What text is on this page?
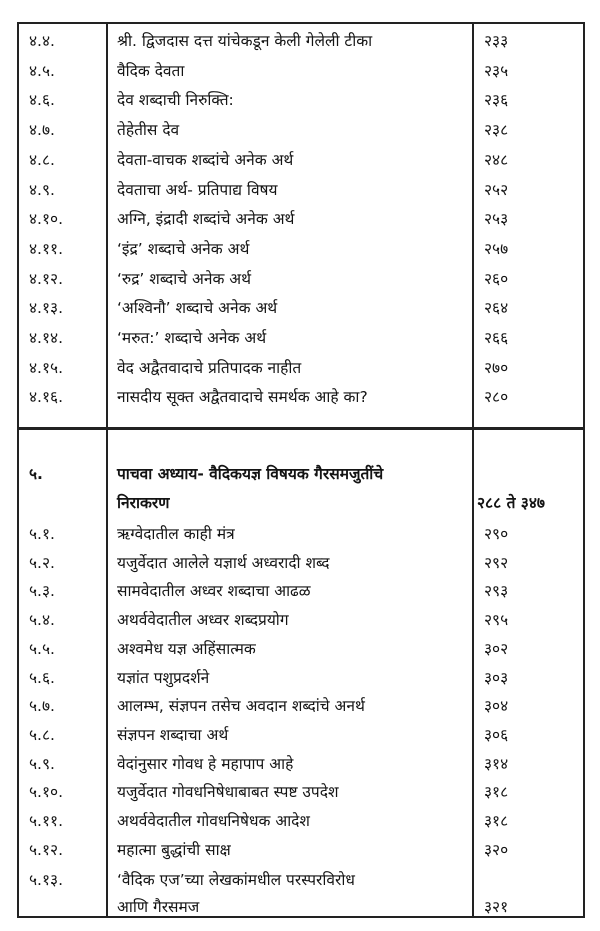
४.४.	श्री. द्विजदास दत्त यांचेकडून केली गेलेली टीका	२३३
४.५.	वैदिक देवता	२३५
४.६.	देव शब्दाची निरुक्ति:	२३६
४.७.	तेहेतीस देव	२३८
४.८.	देवता-वाचक शब्दांचे अनेक अर्थ	२४८
४.९.	देवताचा अर्थ- प्रतिपाद्य विषय	२५२
४.१०.	अग्नि, इंद्रादी शब्दांचे अनेक अर्थ	२५३
४.११.	‘इंद्र’ शब्दाचे अनेक अर्थ	२५७
४.१२.	‘रुद्र’ शब्दाचे अनेक अर्थ	२६०
४.१३.	‘अश्विनौ’ शब्दाचे अनेक अर्थ	२६४
४.१४.	‘मरुत:’ शब्दाचे अनेक अर्थ	२६६
४.१५.	वेद अद्वैतवादाचे प्रतिपादक नाहीत	२७०
४.१६.	नासदीय सूक्त अद्वैतवादाचे समर्थक आहे का?	२८०
५.	पाचवा अध्याय- वैदिकयज्ञ विषयक गैरसमजुतींचे
निराकरण	२८८ ते ३४७
५.१.	ऋग्वेदातील काही मंत्र	२९०
५.२.	यजुर्वेदात आलेले यज्ञार्थ अध्वरादी शब्द	२९२
५.३.	सामवेदातील अध्वर शब्दाचा आढळ	२९३
५.४.	अथर्ववेदातील अध्वर शब्दप्रयोग	२९५
५.५.	अश्वमेध यज्ञ अहिंसात्मक	३०२
५.६.	यज्ञांत पशुप्रदर्शने	३०३
५.७.	आलम्भ, संज्ञपन तसेच अवदान शब्दांचे अनर्थ	३०४
५.८.	संज्ञपन शब्दाचा अर्थ	३०६
५.९.	वेदांनुसार गोवध हे महापाप आहे	३१४
५.१०.	यजुर्वेदात गोवधनिषेधाबाबत स्पष्ट उपदेश	३१८
५.११.	अथर्ववेदातील गोवधनिषेधक आदेश	३१८
५.१२.	महात्मा बुद्धांची साक्ष	३२०
५.१३.	‘वैदिक एज’च्या लेखकांमधील परस्परविरोध
आणि गैरसमज	३२१
